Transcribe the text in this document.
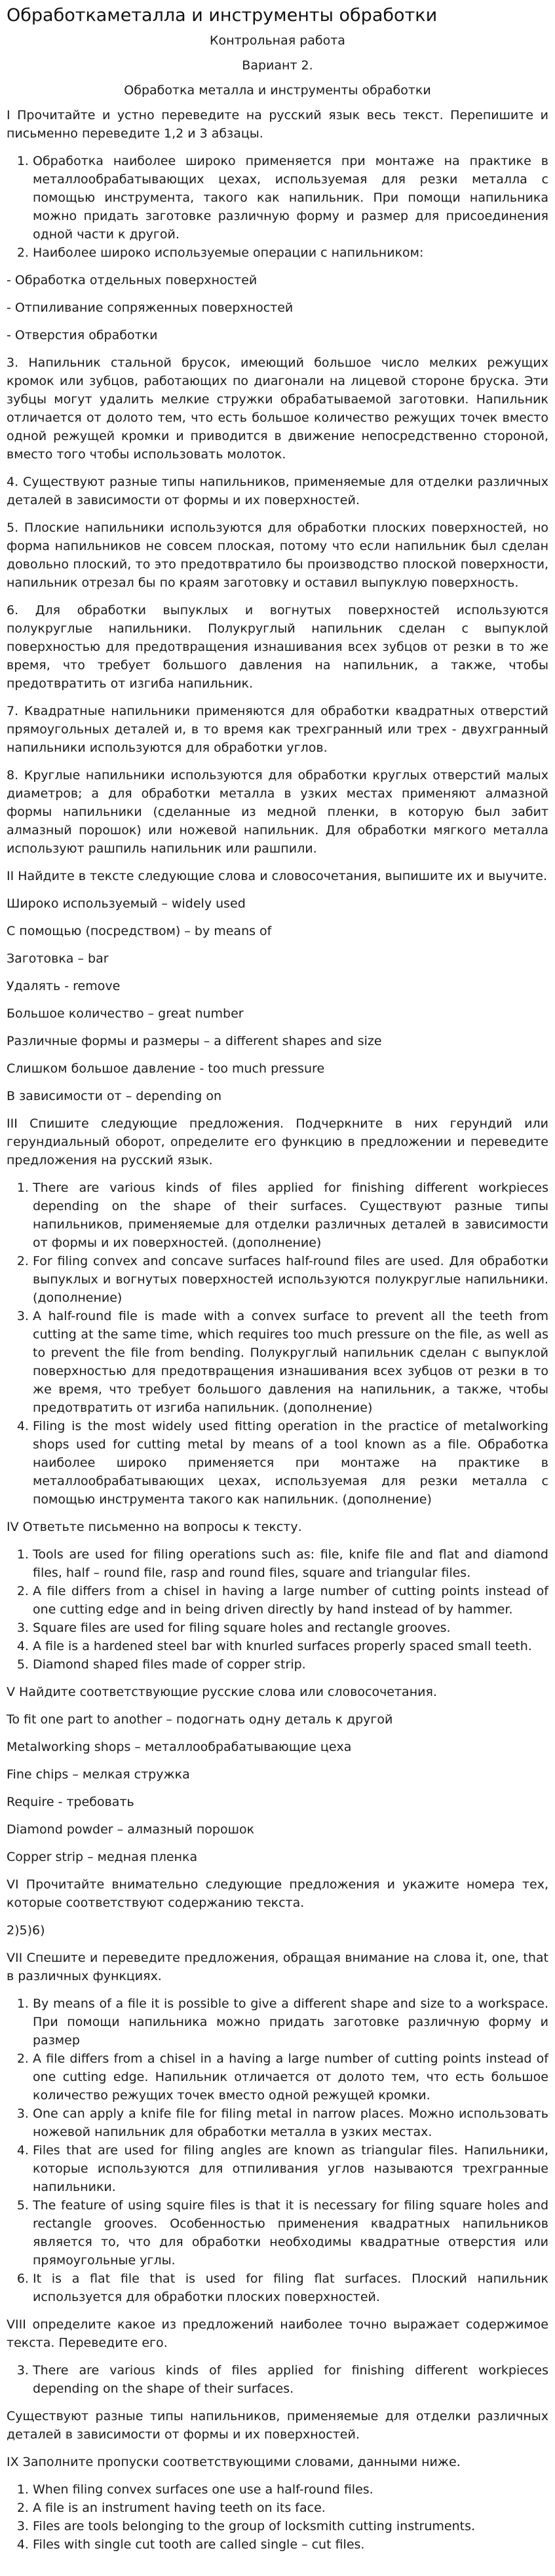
Обработкаметалла и инструменты обработки

Контрольная работа

Вариант 2.

Обработка металла и инструменты обработки

I Прочитайте и устно переведите на русский язык весь текст. Перепишите и письменно переведите 1,2 и 3 абзацы.

1. Обработка наиболее широко применяется при монтаже на практике в металлообрабатывающих цехах, используемая для резки металла с помощью инструмента, такого как напильник. При помощи напильника можно придать заготовке различную форму и размер для присоединения одной части к другой.
2. Наиболее широко используемые операции с напильником:

- Обработка отдельных поверхностей

- Отпиливание сопряженных поверхностей

- Отверстия обработки

3. Напильник стальной брусок, имеющий большое число мелких режущих кромок или зубцов, работающих по диагонали на лицевой стороне бруска. Эти зубцы могут удалить мелкие стружки обрабатываемой заготовки. Напильник отличается от долото тем, что есть большое количество режущих точек вместо одной режущей кромки и приводится в движение непосредственно стороной, вместо того чтобы использовать молоток.

4. Существуют разные типы напильников, применяемые для отделки различных деталей в зависимости от формы и их поверхностей.

5. Плоские напильники используются для обработки плоских поверхностей, но форма напильников не совсем плоская, потому что если напильник был сделан довольно плоский, то это предотвратило бы производство плоской поверхности, напильник отрезал бы по краям заготовку и оставил выпуклую поверхность.

6. Для обработки выпуклых и вогнутых поверхностей используются полукруглые напильники. Полукруглый напильник сделан с выпуклой поверхностью для предотвращения изнашивания всех зубцов от резки в то же время, что требует большого давления на напильник, а также, чтобы предотвратить от изгиба напильник.

7. Квадратные напильники применяются для обработки квадратных отверстий прямоугольных деталей и, в то время как трехгранный или трех - двухгранный напильники используются для обработки углов.

8. Круглые напильники используются для обработки круглых отверстий малых диаметров; а для обработки металла в узких местах применяют алмазной формы напильники (сделанные из медной пленки, в которую был забит алмазный порошок) или ножевой напильник. Для обработки мягкого металла используют рашпиль напильник или рашпили.

II Найдите в тексте следующие слова и словосочетания, выпишите их и выучите.

Широко используемый – widely used

С помощью (посредством) – by means of

Заготовка – bar

Удалять - remove

Большое количество – great number

Различные формы и размеры – a different shapes and size

Слишком большое давление - too much pressure

В зависимости от – depending on

III Спишите следующие предложения. Подчеркните в них герундий или герундиальный оборот, определите его функцию в предложении и переведите предложения на русский язык.

1. There are various kinds of files applied for finishing different workpieces depending on the shape of their surfaces. Существуют разные типы напильников, применяемые для отделки различных деталей в зависимости от формы и их поверхностей. (дополнение)
2. For filing convex and concave surfaces half-round files are used. Для обработки выпуклых и вогнутых поверхностей используются полукруглые напильники. (дополнение)
3. A half-round file is made with a convex surface to prevent all the teeth from cutting at the same time, which requires too much pressure on the file, as well as to prevent the file from bending. Полукруглый напильник сделан с выпуклой поверхностью для предотвращения изнашивания всех зубцов от резки в то же время, что требует большого давления на напильник, а также, чтобы предотвратить от изгиба напильник. (дополнение)
4. Filing is the most widely used fitting operation in the practice of metalworking shops used for cutting metal by means of a tool known as a file. Обработка наиболее широко применяется при монтаже на практике в металлообрабатывающих цехах, используемая для резки металла с помощью инструмента такого как напильник. (дополнение)

IV Ответьте письменно на вопросы к тексту.

1. Tools are used for filing operations such as: file, knife file and flat and diamond files, half – round file, rasp and round files, square and triangular files.
2. A file differs from a chisel in having a large number of cutting points instead of one cutting edge and in being driven directly by hand instead of by hammer.
3. Square files are used for filing square holes and rectangle grooves.
4. A file is a hardened steel bar with knurled surfaces properly spaced small teeth.
5. Diamond shaped files made of copper strip.

V Найдите соответствующие русские слова или словосочетания.

To fit one part to another – подогнать одну деталь к другой

Metalworking shops – металлообрабатывающие цеха

Fine chips – мелкая стружка

Require - требовать

Diamond powder – алмазный порошок

Copper strip – медная пленка

VI Прочитайте внимательно следующие предложения и укажите номера тех, которые соответствуют содержанию текста.

2)5)6)

VII Спешите и переведите предложения, обращая внимание на слова it, one, that в различных функциях.

1. By means of a file it is possible to give a different shape and size to a workspace. При помощи напильника можно придать заготовке различную форму и размер
2. A file differs from a chisel in a having a large number of cutting points instead of one cutting edge. Напильник отличается от долото тем, что есть большое количество режущих точек вместо одной режущей кромки.
3. One can apply a knife file for filing metal in narrow places. Можно использовать ножевой напильник для обработки металла в узких местах.
4. Files that are used for filing angles are known as triangular files. Напильники, которые используются для отпиливания углов называются трехгранные напильники.
5. The feature of using squire files is that it is necessary for filing square holes and rectangle grooves. Особенностью применения квадратных напильников является то, что для обработки необходимы квадратные отверстия или прямоугольные углы.
6. It is a flat file that is used for filing flat surfaces. Плоский напильник используется для обработки плоских поверхностей.

VIII определите какое из предложений наиболее точно выражает содержимое текста. Переведите его.

3. There are various kinds of files applied for finishing different workpieces depending on the shape of their surfaces.

Существуют разные типы напильников, применяемые для отделки различных деталей в зависимости от формы и их поверхностей.

IX Заполните пропуски соответствующими словами, данными ниже.

1. When filing convex surfaces one use a half-round files.
2. A file is an instrument having teeth on its face.
3. Files are tools belonging to the group of locksmith cutting instruments.
4. Files with single cut tooth are called single – cut files.
